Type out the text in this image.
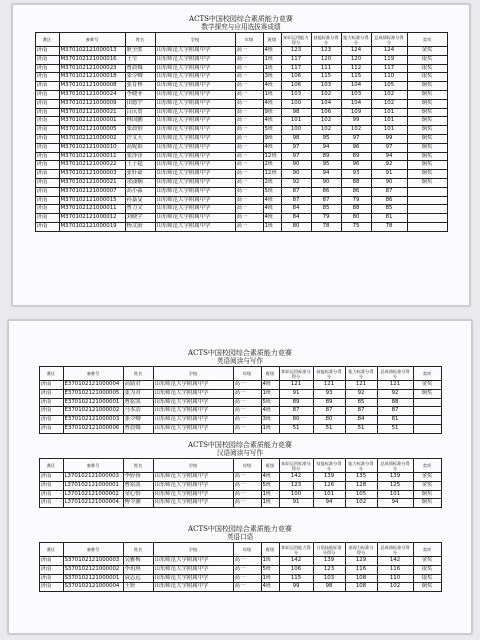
ACTS中国校园综合素质能力竞赛

数学探究与应用选拔赛成绩

赛区	参赛号	姓名	学校	年级	班级	知识运用能力得分	技能标准分得分	能力标准分得分	总成绩标准分得分	奖项
济南	M370102121000013	耿全胜	山东师范大学附属中学	高一	4班	123	123	124	124	金奖
济南	M370102121000016	王莹	山东师范大学附属中学	高一	1班	117	120	120	119	银奖
济南	M370102121000023	曹晨娜	山东师范大学附属中学	高一	1班	117	111	112	117	银奖
济南	M370102121000018	张令卿	山东师范大学附属中学	高一	3班	106	115	115	110	银奖
济南	M370102121000008	张育林	山东师范大学附属中学	高一	4班	106	103	104	105	铜奖
济南	M370102121000024	李晓菲	山东师范大学附属中学	高一	1班	103	102	103	102	铜奖
济南	M370102121000009	田德宇	山东师范大学附属中学	高一	4班	100	104	104	102	铜奖
济南	M370102121000021	吕庆贺	山东师范大学附属中学	高一	9班	98	106	109	101	铜奖
济南	M370102121000001	林国鹏	山东师范大学附属中学	高一	4班	101	102	99	101	铜奖
济南	M370102121000005	张晨怡	山东师范大学附属中学	高一	5班	100	102	102	101	铜奖
济南	M370102121000002	许文天	山东师范大学附属中学	高一	9班	98	95	97	99	铜奖
济南	M370102121000010	高妮娟	山东师范大学附属中学	高一	4班	97	94	96	97	铜奖
济南	M370102121000011	张泽泽	山东师范大学附属中学	高一	12班	97	89	89	94	铜奖
济南	M370102121000022	王子超	山东师范大学附属中学	高一	2班	90	95	96	92	铜奖
济南	M370102121000003	张轩豪	山东师范大学附属中学	高一	12班	90	94	93	91	铜奖
济南	M370102121000021	余潇娴	山东师范大学附属中学	高一	2班	92	90	88	90	铜奖
济南	M370102121000007	高小淼	山东师范大学附属中学	高一	5班	87	86	86	87	
济南	M370102121000015	孙嘉旻	山东师范大学附属中学	高一	4班	87	87	79	86	
济南	M370102121000011	曹力文	山东师范大学附属中学	高一	4班	84	85	88	85	
济南	M370102121000012	刘晓宇	山东师范大学附属中学	高一	4班	84	79	80	81	
济南	M370102121000019	杨文蔚	山东师范大学附属中学	高一	1班	80	78	75	78	

ACTS中国校园综合素质能力竞赛

英语阅读与写作

赛区	参赛号	姓名	学校	年级	班级	知识运用标准分得分	技能标准分得分	能力标准分得分	总成绩标准分得分	奖项
济南	E370102121000004	高婧君	山东师范大学附属中学	高一	4班	121	121	121	121	金奖
济南	E370102121000005	张为君	山东师范大学附属中学	高一	1班	91	93	92	92	铜奖
济南	E370102121000001	曹铭凯	山东师范大学附属中学	高一	5班	89	89	85	88	
济南	E370102121000002	马本浩	山东师范大学附属中学	高一	4班	87	87	87	87	
济南	E370102121000003	张令卿	山东师范大学附属中学	高一	3班	80	80	84	81	
济南	E370102121000006	曹晨娜	山东师范大学附属中学	高一	1班	51	51	51	51	

ACTS中国校园综合素质能力竞赛

汉语阅读与写作

赛区	参赛号	姓名	学校	年级	班级	知识运用标准分得分	技能标准分得分	能力标准分得分	总成绩标准分得分	奖项
济南	L370102121000003	李婷扬	山东师范大学附属中学	高一	4班	142	139	135	139	金奖
济南	L370102121000001	曹铭凯	山东师范大学附属中学	高一	5班	123	126	128	125	金奖
济南	L370102121000002	金心怡	山东师范大学附属中学	高一	1班	100	101	105	101	铜奖
济南	L370102121000004	傅令涵	山东师范大学附属中学	高一	1班	91	94	102	94	铜奖

ACTS中国校园综合素质能力竞赛

英语口语

赛区	参赛号	姓名	学校	年级	班级	知识运用能力得分	口语技能标准分得分	表现力标准分得分	总成绩标准分得分	奖项
济南	S370102121000003	吴雅梅	山东师范大学附属中学	高一	1班	142	139	129	142	金奖
济南	S370102121000002	李玥琪	山东师范大学附属中学	高一	5班	106	123	116	116	银奖
济南	S370102121000001	袁志远	山东师范大学附属中学	高一	1班	115	103	108	110	银奖
济南	S370102121000004	王妍	山东师范大学附属中学	高一	4班	99	98	108	102	铜奖
